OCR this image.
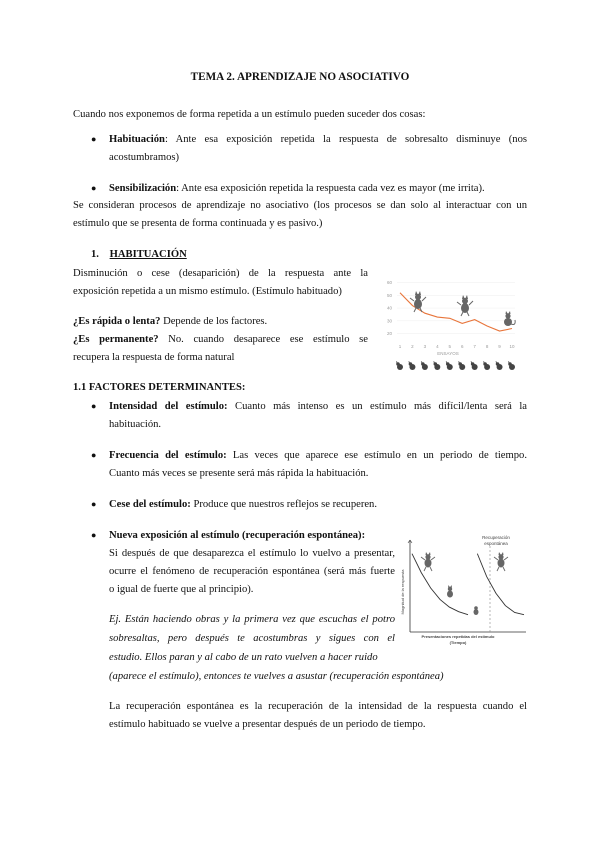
TEMA 2. APRENDIZAJE NO ASOCIATIVO
Cuando nos exponemos de forma repetida a un estímulo pueden suceder dos cosas:
● Habituación: Ante esa exposición repetida la respuesta de sobresalto disminuye (nos
acostumbramos)
● Sensibilización: Ante esa exposición repetida la respuesta cada vez es mayor (me irrita).
Se consideran procesos de aprendizaje no asociativo (los procesos se dan solo al interactuar con un
estímulo que se presenta de forma continuada y es pasivo.)
1. HABITUACIÓN
Disminución o cese (desaparición) de la respuesta ante la
exposición repetida a un mismo estímulo. (Estímulo habituado)
¿Es rápida o lenta? Depende de los factores.
¿Es permanente? No. cuando desaparece ese estímulo se
recupera la respuesta de forma natural
60
50
40
30
20
1 2 3 4 5 6 7 8 9 10
ENSAYOS
1.1 FACTORES DETERMINANTES:
● Intensidad del estímulo: Cuanto más intenso es un estímulo más difícil/lenta será la
habituación.
● Frecuencia del estímulo: Las veces que aparece ese estímulo en un periodo de tiempo.
Cuanto más veces se presente será más rápida la habituación.
● Cese del estímulo: Produce que nuestros reflejos se recuperen.
● Nueva exposición al estímulo (recuperación espontánea):
Si después de que desaparezca el estímulo lo vuelvo a presentar,
ocurre el fenómeno de recuperación espontánea (será más fuerte
o igual de fuerte que al principio).
Ej. Están haciendo obras y la primera vez que escuchas el potro
sobresaltas, pero después te acostumbras y sigues con el
estudio. Ellos paran y al cabo de un rato vuelven a hacer ruido
(aparece el estímulo), entonces te vuelves a asustar (recuperación espontánea)
La recuperación espontánea es la recuperación de la intensidad de la respuesta cuando el
estímulo habituado se vuelve a presentar después de un periodo de tiempo.
Magnitud de la respuesta
Recuperación
espontánea
Presentaciones repetidas del estímulo
(Tiempo)
